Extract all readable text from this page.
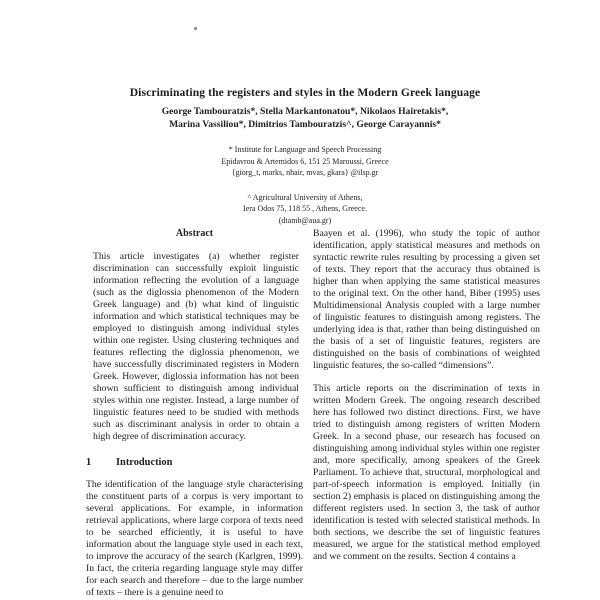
Discriminating the registers and styles in the Modern Greek language
George Tambouratzis*, Stella Markantonatou*, Nikolaos Hairetakis*,
Marina Vassiliou*, Dimitrios Tambouratzis^, George Carayannis*
* Institute for Language and Speech Processing
Epidavrou & Artemidos 6, 151 25 Maroussi, Greece
{giorg_t, marks, nhair, mvas, gkara} @ilsp.gr
^ Agricultural University of Athens,
Iera Odos 75, 118 55 , Athens, Greece.
(dtamb@aua.gr)
Abstract

This article investigates (a) whether register discrimination can successfully exploit linguistic information reflecting the evolution of a language (such as the diglossia phenomenon of the Modern Greek language) and (b) what kind of linguistic information and which statistical techniques may be employed to distinguish among individual styles within one register. Using clustering techniques and features reflecting the diglossia phenomenon, we have successfully discriminated registers in Modern Greek. However, diglossia information has not been shown sufficient to distinguish among individual styles within one register. Instead, a large number of linguistic features need to be studied with methods such as discriminant analysis in order to obtain a high degree of discrimination accuracy.

1	Introduction

The identification of the language style characterising the constituent parts of a corpus is very important to several applications. For example, in information retrieval applications, where large corpora of texts need to be searched efficiently, it is useful to have information about the language style used in each text, to improve the accuracy of the search (Karlgren, 1999). In fact, the criteria regarding language style may differ for each search and therefore – due to the large number of texts – there is a genuine need to

Baayen et al. (1996), who study the topic of author identification, apply statistical measures and methods on syntactic rewrite rules resulting by processing a given set of texts. They report that the accuracy thus obtained is higher than when applying the same statistical measures to the original text. On the other hand, Biber (1995) uses Multidimensional Analysis coupled with a large number of linguistic features to distinguish among registers. The underlying idea is that, rather than being distinguished on the basis of a set of linguistic features, registers are distinguished on the basis of combinations of weighted linguistic features, the so-called “dimensions”.

This article reports on the discrimination of texts in written Modern Greek. The ongoing research described here has followed two distinct directions. First, we have tried to distinguish among registers of written Modern Greek. In a second phase, our research has focused on distinguishing among individual styles within one register and, more specifically, among speakers of the Greek Parliament. To achieve that, structural, morphological and part-of-speech information is employed. Initially (in section 2) emphasis is placed on distinguishing among the different registers used. In section 3, the task of author identification is tested with selected statistical methods. In both sections, we describe the set of linguistic features measured, we argue for the statistical method employed and we comment on the results. Section 4 contains a
